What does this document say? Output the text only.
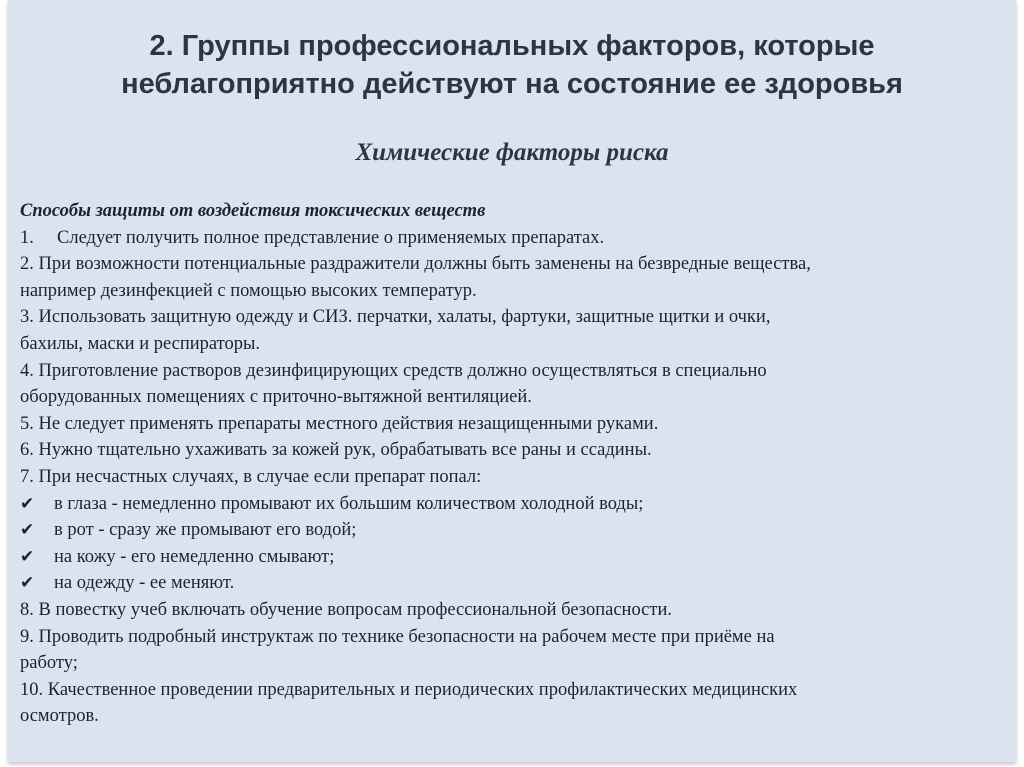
2. Группы профессиональных факторов, которые
неблагоприятно действуют на состояние ее здоровья
Химические факторы риска
Способы защиты от воздействия токсических веществ
1. Следует получить полное представление о применяемых препаратах.
2. При возможности потенциальные раздражители должны быть заменены на безвредные вещества,
например дезинфекцией с помощью высоких температур.
3. Использовать защитную одежду и СИЗ. перчатки, халаты, фартуки, защитные щитки и очки,
бахилы, маски и респираторы.
4. Приготовление растворов дезинфицирующих средств должно осуществляться в специально
оборудованных помещениях с приточно-вытяжной вентиляцией.
5. Не следует применять препараты местного действия незащищенными руками.
6. Нужно тщательно ухаживать за кожей рук, обрабатывать все раны и ссадины.
7. При несчастных случаях, в случае если препарат попал:
✔ в глаза - немедленно промывают их большим количеством холодной воды;
✔ в рот - сразу же промывают его водой;
✔ на кожу - его немедленно смывают;
✔ на одежду - ее меняют.
8. В повестку учеб включать обучение вопросам профессиональной безопасности.
9. Проводить подробный инструктаж по технике безопасности на рабочем месте при приёме на
работу;
10. Качественное проведении предварительных и периодических профилактических медицинских
осмотров.
